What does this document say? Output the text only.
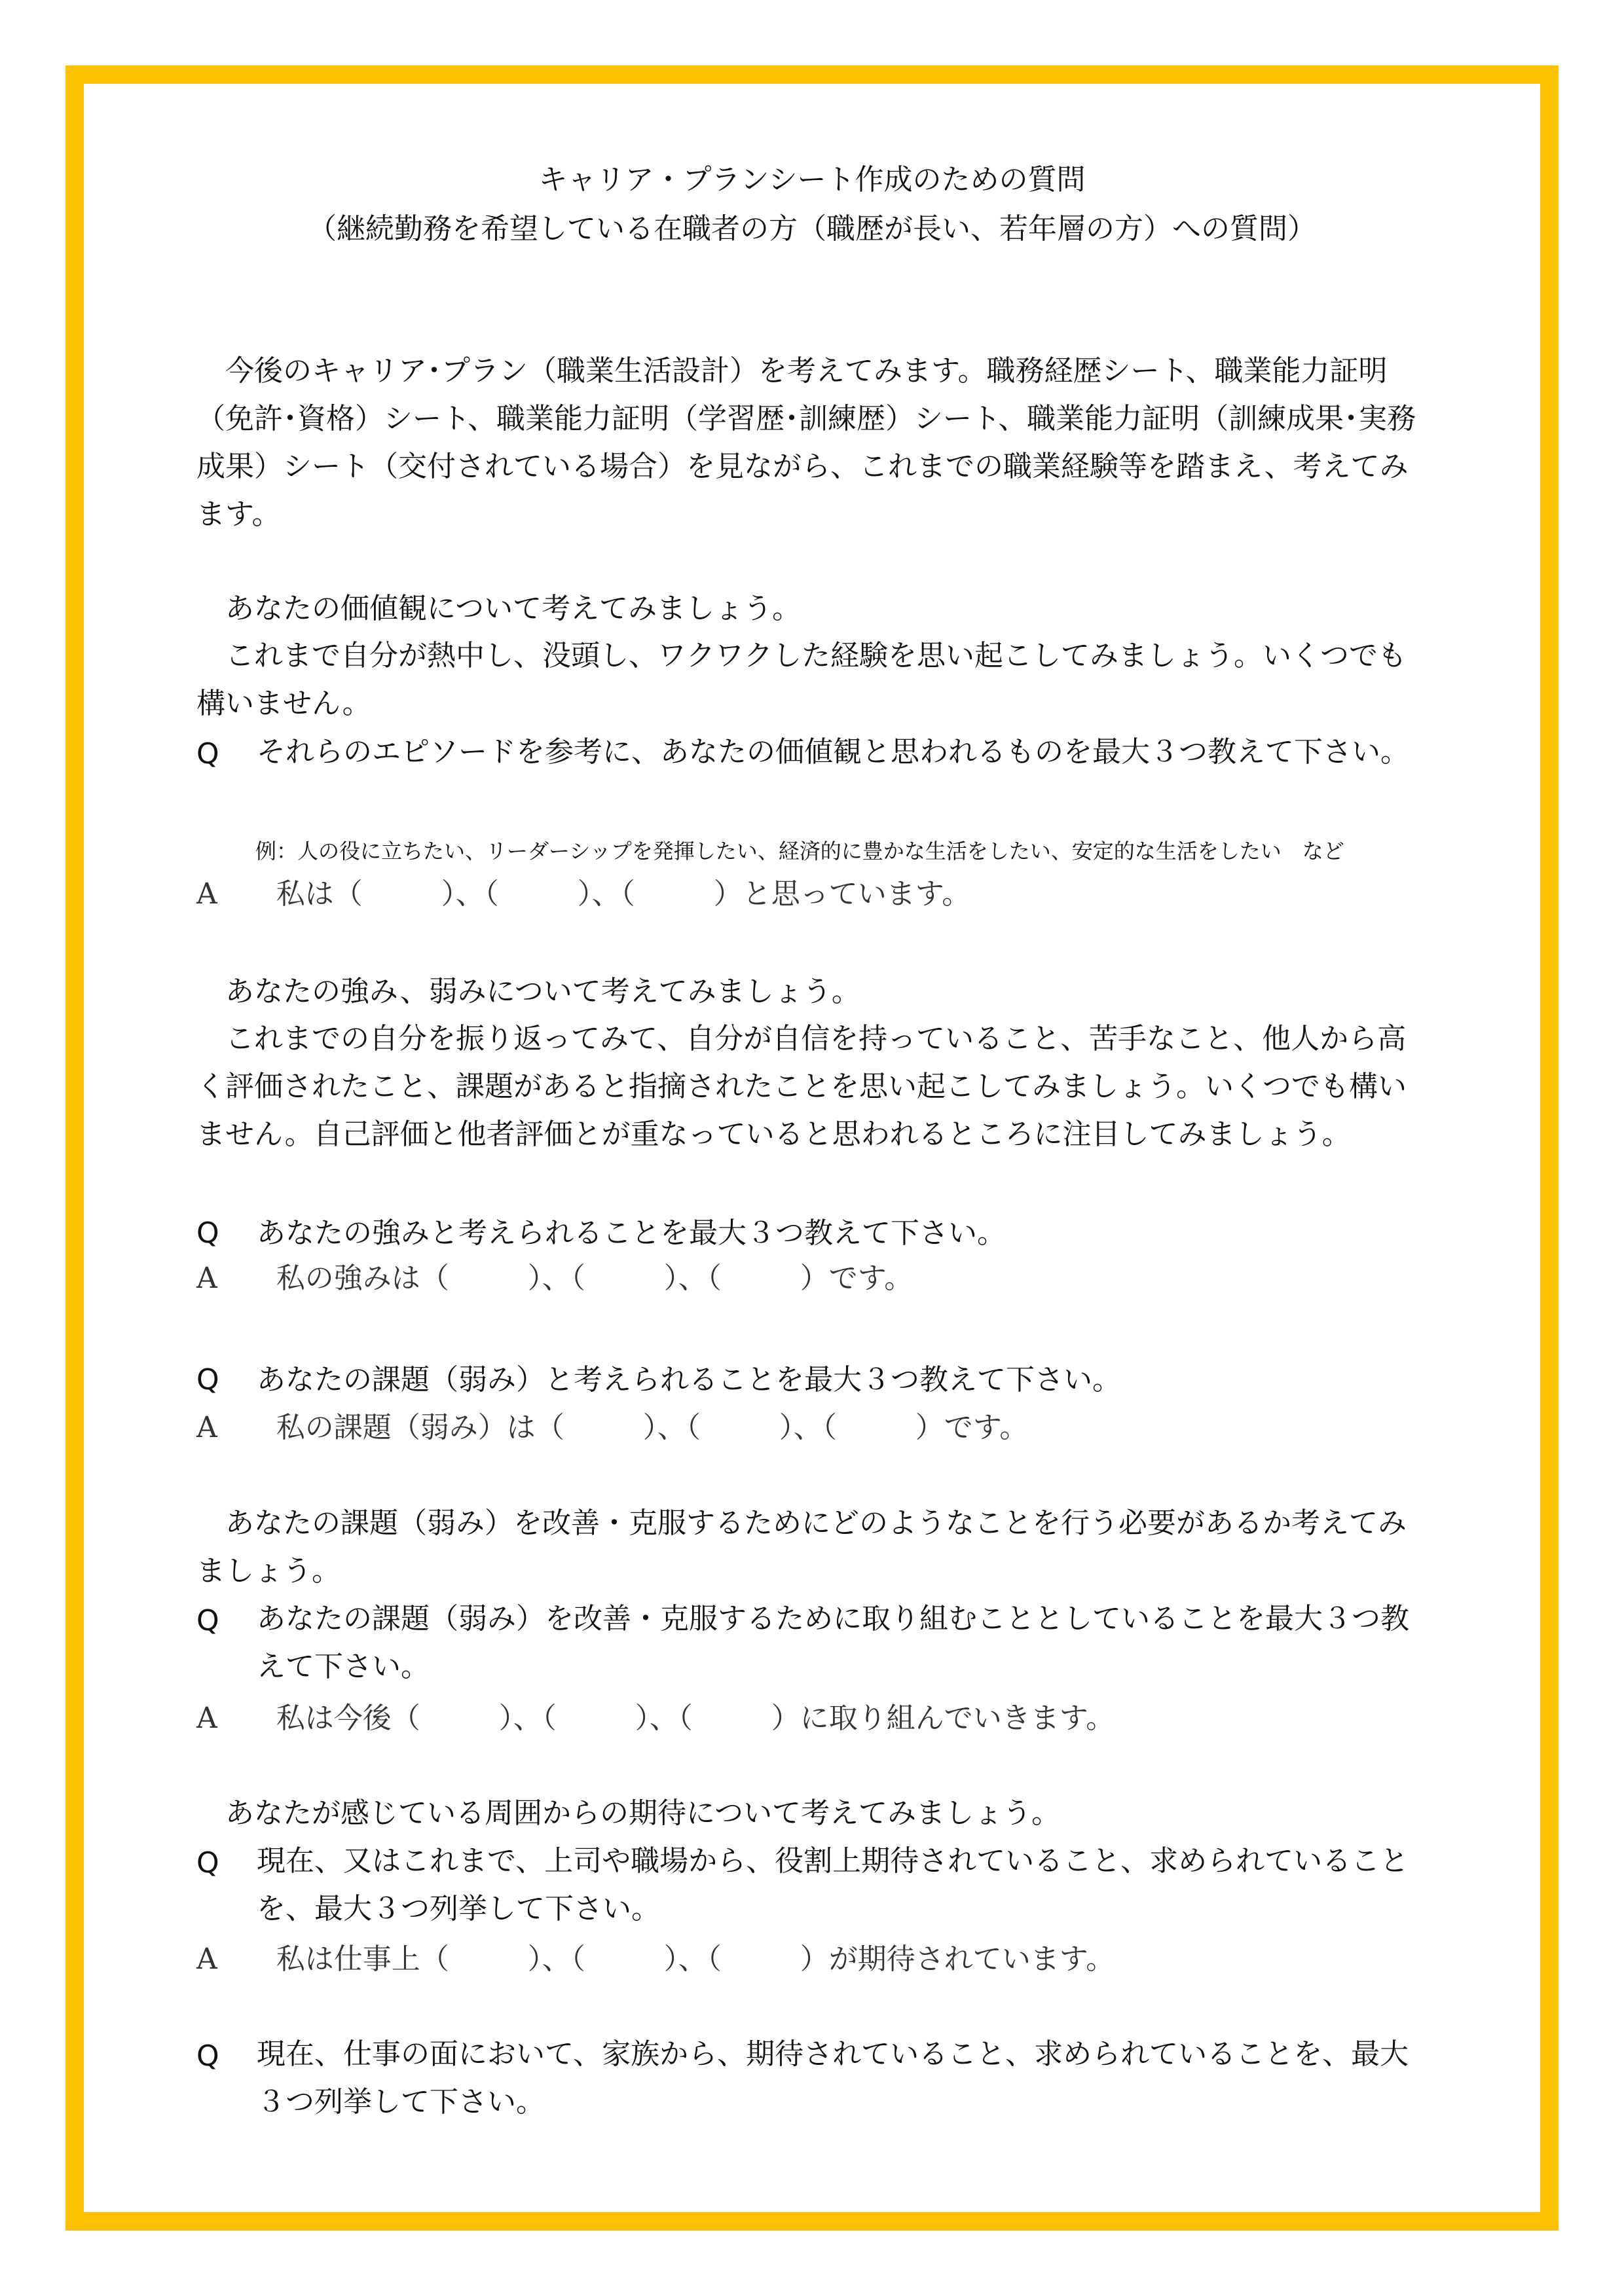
キャリア・プランシート作成のための質問
（継続勤務を希望している在職者の方（職歴が長い、若年層の方）への質問）
今後のキャリア･プラン（職業生活設計）を考えてみます。職務経歴シート、職業能力証明（免許･資格）シート、職業能力証明（学習歴･訓練歴）シート、職業能力証明（訓練成果･実務成果）シート（交付されている場合）を見ながら、これまでの職業経験等を踏まえ、考えてみます。
あなたの価値観について考えてみましょう。
これまで自分が熱中し、没頭し、ワクワクした経験を思い起こしてみましょう。いくつでも構いません。
Q それらのエピソードを参考に、あなたの価値観と思われるものを最大３つ教えて下さい。
例：人の役に立ちたい、リーダーシップを発揮したい、経済的に豊かな生活をしたい、安定的な生活をしたい　など
A 私は（	）、（	）、（	）と思っています。
あなたの強み、弱みについて考えてみましょう。
これまでの自分を振り返ってみて、自分が自信を持っていること、苦手なこと、他人から高く評価されたこと、課題があると指摘されたことを思い起こしてみましょう。いくつでも構いません。自己評価と他者評価とが重なっていると思われるところに注目してみましょう。
Q あなたの強みと考えられることを最大３つ教えて下さい。
A 私の強みは（	）、（	）、（	）です。
Q あなたの課題（弱み）と考えられることを最大３つ教えて下さい。
A 私の課題（弱み）は（	）、（	）、（	）です。
あなたの課題（弱み）を改善・克服するためにどのようなことを行う必要があるか考えてみましょう。
Q あなたの課題（弱み）を改善・克服するために取り組むこととしていることを最大３つ教えて下さい。
A 私は今後（	）、（	）、（	）に取り組んでいきます。
あなたが感じている周囲からの期待について考えてみましょう。
Q 現在、又はこれまで、上司や職場から、役割上期待されていること、求められていることを、最大３つ列挙して下さい。
A 私は仕事上（	）、（	）、（	）が期待されています。
Q 現在、仕事の面において、家族から、期待されていること、求められていることを、最大３つ列挙して下さい。
